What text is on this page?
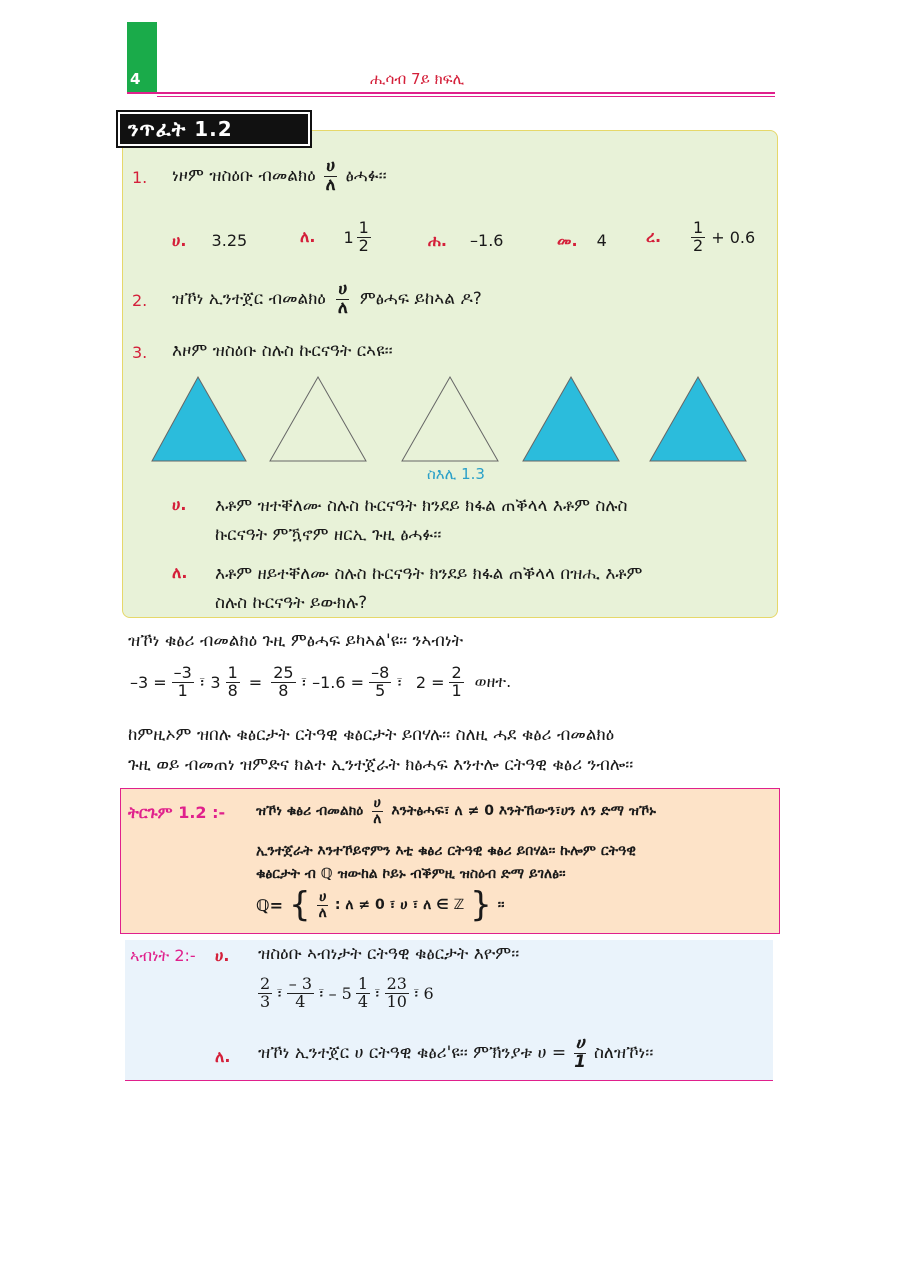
4	ሒሳብ 7ይ ክፍሊ
ንጥፈት 1.2
1. ነዞም ዝስዕቡ ብመልክዕ $\frac{\text{ሀ}}{\text{ለ}}$ ፅሓፉ፡፡
ሀ. 3.25	ለ. $1 \frac{1}{2}$	ሐ. –1.6	መ. 4 ረ. $\frac{1}{2} + 0.6$
2. ዝኾነ ኢንተጀር ብመልክዕ $\frac{\text{ሀ}}{\text{ለ}}$ ምፅሓፍ ይከኣል ዶ?
3. እዞም ዝስዕቡ ስሉስ ኩርናዓት ርኣዩ፡፡
ስእሊ 1.3
ሀ. እቶም ዝተቐለሙ ስሉስ ኩርናዓት ክንደይ ክፋል ጠቕላላ እቶም ስሉስ
ኩርናዓት ምዃኖም ዘርኢ ጉዚ ፅሓፉ፡፡
ለ. እቶም ዘይተቐለሙ ስሉስ ኩርናዓት ክንደይ ክፋል ጠቕላላ በዝሒ እቶም
ስሉስ ኩርናዓት ይውክሉ?
ዝኾነ ቁፅሪ ብመልክዕ ጉዚ ምፅሓፍ ይካኣል'ዩ፡፡ ንኣብነት
$-3 = \frac{-3}{1}$ ፣ $3 \frac{1}{8} = \frac{25}{8}$ ፣ $-1.6 = \frac{-8}{5}$ ፣ $2 = \frac{2}{1}$ ወዘተ.
ከምዚኦም ዝበሉ ቁፅርታት ርትዓዊ ቁፅርታት ይበሃሉ፡፡ ስለዚ ሓደ ቁፅሪ ብመልክዕ
ጉዚ ወይ ብመጠነ ዝምድና ክልተ ኢንተጀራት ክፅሓፍ እንተሎ ርትዓዊ ቁፅሪ ንብሎ፡፡
ትርጉም 1.2 :- ዝኾነ ቁፅሪ ብመልክዕ $\frac{\text{ሀ}}{\text{ለ}}$ እንትፅሓፍ፣ ለ ≠ 0 እንትኸውን፣ሀን ለን ድማ ዝኾኑ
ኢንተጀራት እንተኾይኖምን እቲ ቁፅሪ ርትዓዊ ቁፅሪ ይበሃል፡፡ ኩሎም ርትዓዊ
ቁፅርታት ብ ℚ ዝውከል ኮይኑ ብቕምዚ ዝስዕብ ድማ ይገለፅ፡፡
ℚ= { $\frac{\text{ሀ}}{\text{ለ}}$ : ለ ≠ 0 ፣ ሀ ፣ ለ ∈ ℤ } ፡፡
ኣብነት 2:- ሀ. ዝስዕቡ ኣብነታት ርትዓዊ ቁፅርታት እዮም፡፡
$\frac{2}{3}$ ፣ $\frac{- 3}{4}$ ፣ – $5 \frac{1}{4}$ ፣ $\frac{23}{10}$ ፣ 6
ለ. ዝኾነ ኢንተጀር ሀ ርትዓዊ ቁፅሪ'ዩ፡፡ ምኽንያቱ ሀ = $\frac{\text{ሀ}}{1}$ ስለዝኾነ፡፡
